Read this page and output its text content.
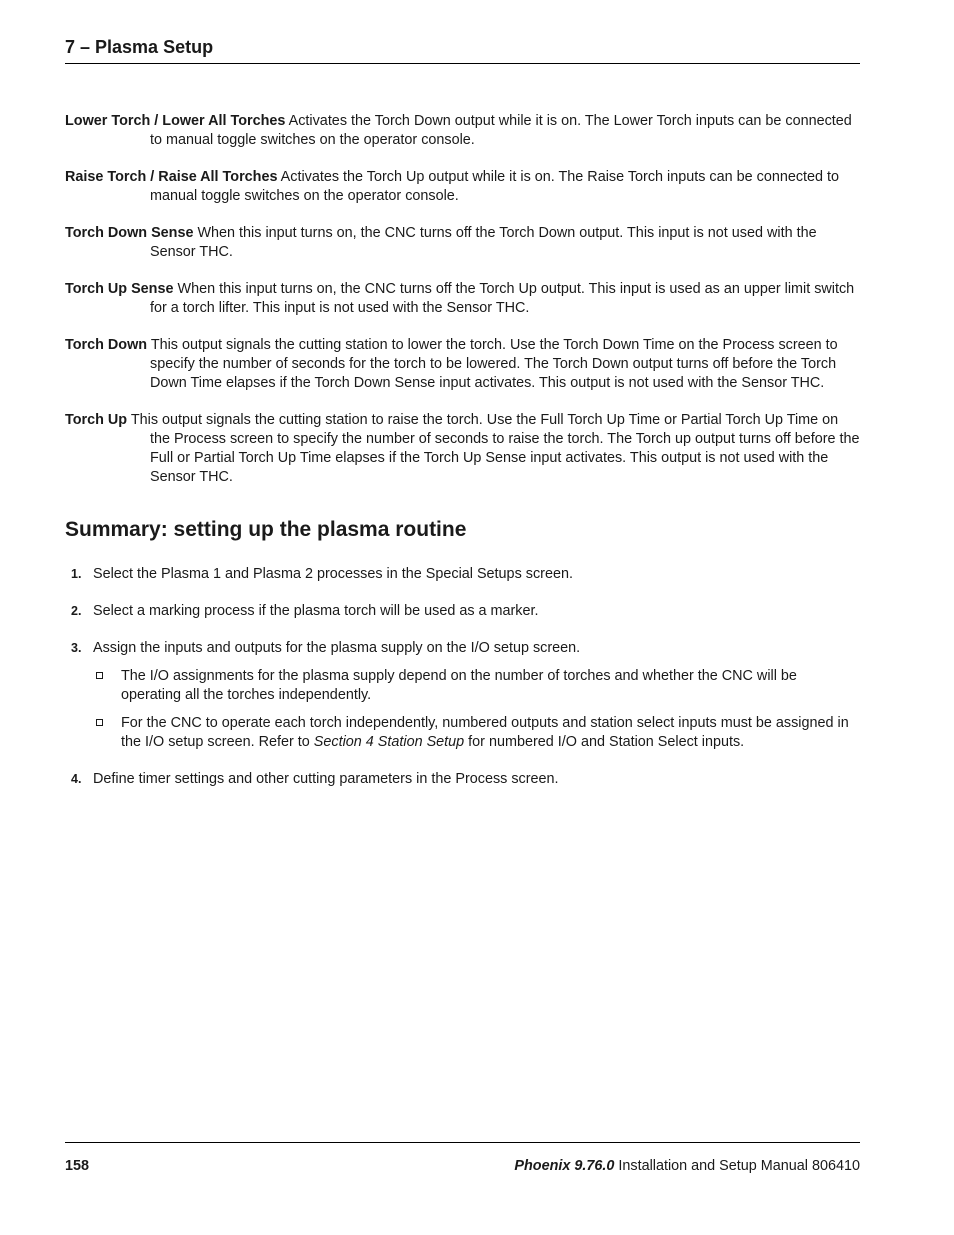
7 – Plasma Setup

Lower Torch / Lower All Torches Activates the Torch Down output while it is on. The Lower Torch inputs can be connected to manual toggle switches on the operator console.

Raise Torch / Raise All Torches Activates the Torch Up output while it is on. The Raise Torch inputs can be connected to manual toggle switches on the operator console.

Torch Down Sense When this input turns on, the CNC turns off the Torch Down output. This input is not used with the Sensor THC.

Torch Up Sense When this input turns on, the CNC turns off the Torch Up output. This input is used as an upper limit switch for a torch lifter. This input is not used with the Sensor THC.

Torch Down This output signals the cutting station to lower the torch. Use the Torch Down Time on the Process screen to specify the number of seconds for the torch to be lowered. The Torch Down output turns off before the Torch Down Time elapses if the Torch Down Sense input activates. This output is not used with the Sensor THC.

Torch Up This output signals the cutting station to raise the torch. Use the Full Torch Up Time or Partial Torch Up Time on the Process screen to specify the number of seconds to raise the torch. The Torch up output turns off before the Full or Partial Torch Up Time elapses if the Torch Up Sense input activates. This output is not used with the Sensor THC.

Summary: setting up the plasma routine
1. Select the Plasma 1 and Plasma 2 processes in the Special Setups screen.
2. Select a marking process if the plasma torch will be used as a marker.
3. Assign the inputs and outputs for the plasma supply on the I/O setup screen.
The I/O assignments for the plasma supply depend on the number of torches and whether the CNC will be operating all the torches independently.
For the CNC to operate each torch independently, numbered outputs and station select inputs must be assigned in the I/O setup screen. Refer to Section 4 Station Setup for numbered I/O and Station Select inputs.
4. Define timer settings and other cutting parameters in the Process screen.
158	Phoenix 9.76.0 Installation and Setup Manual 806410
